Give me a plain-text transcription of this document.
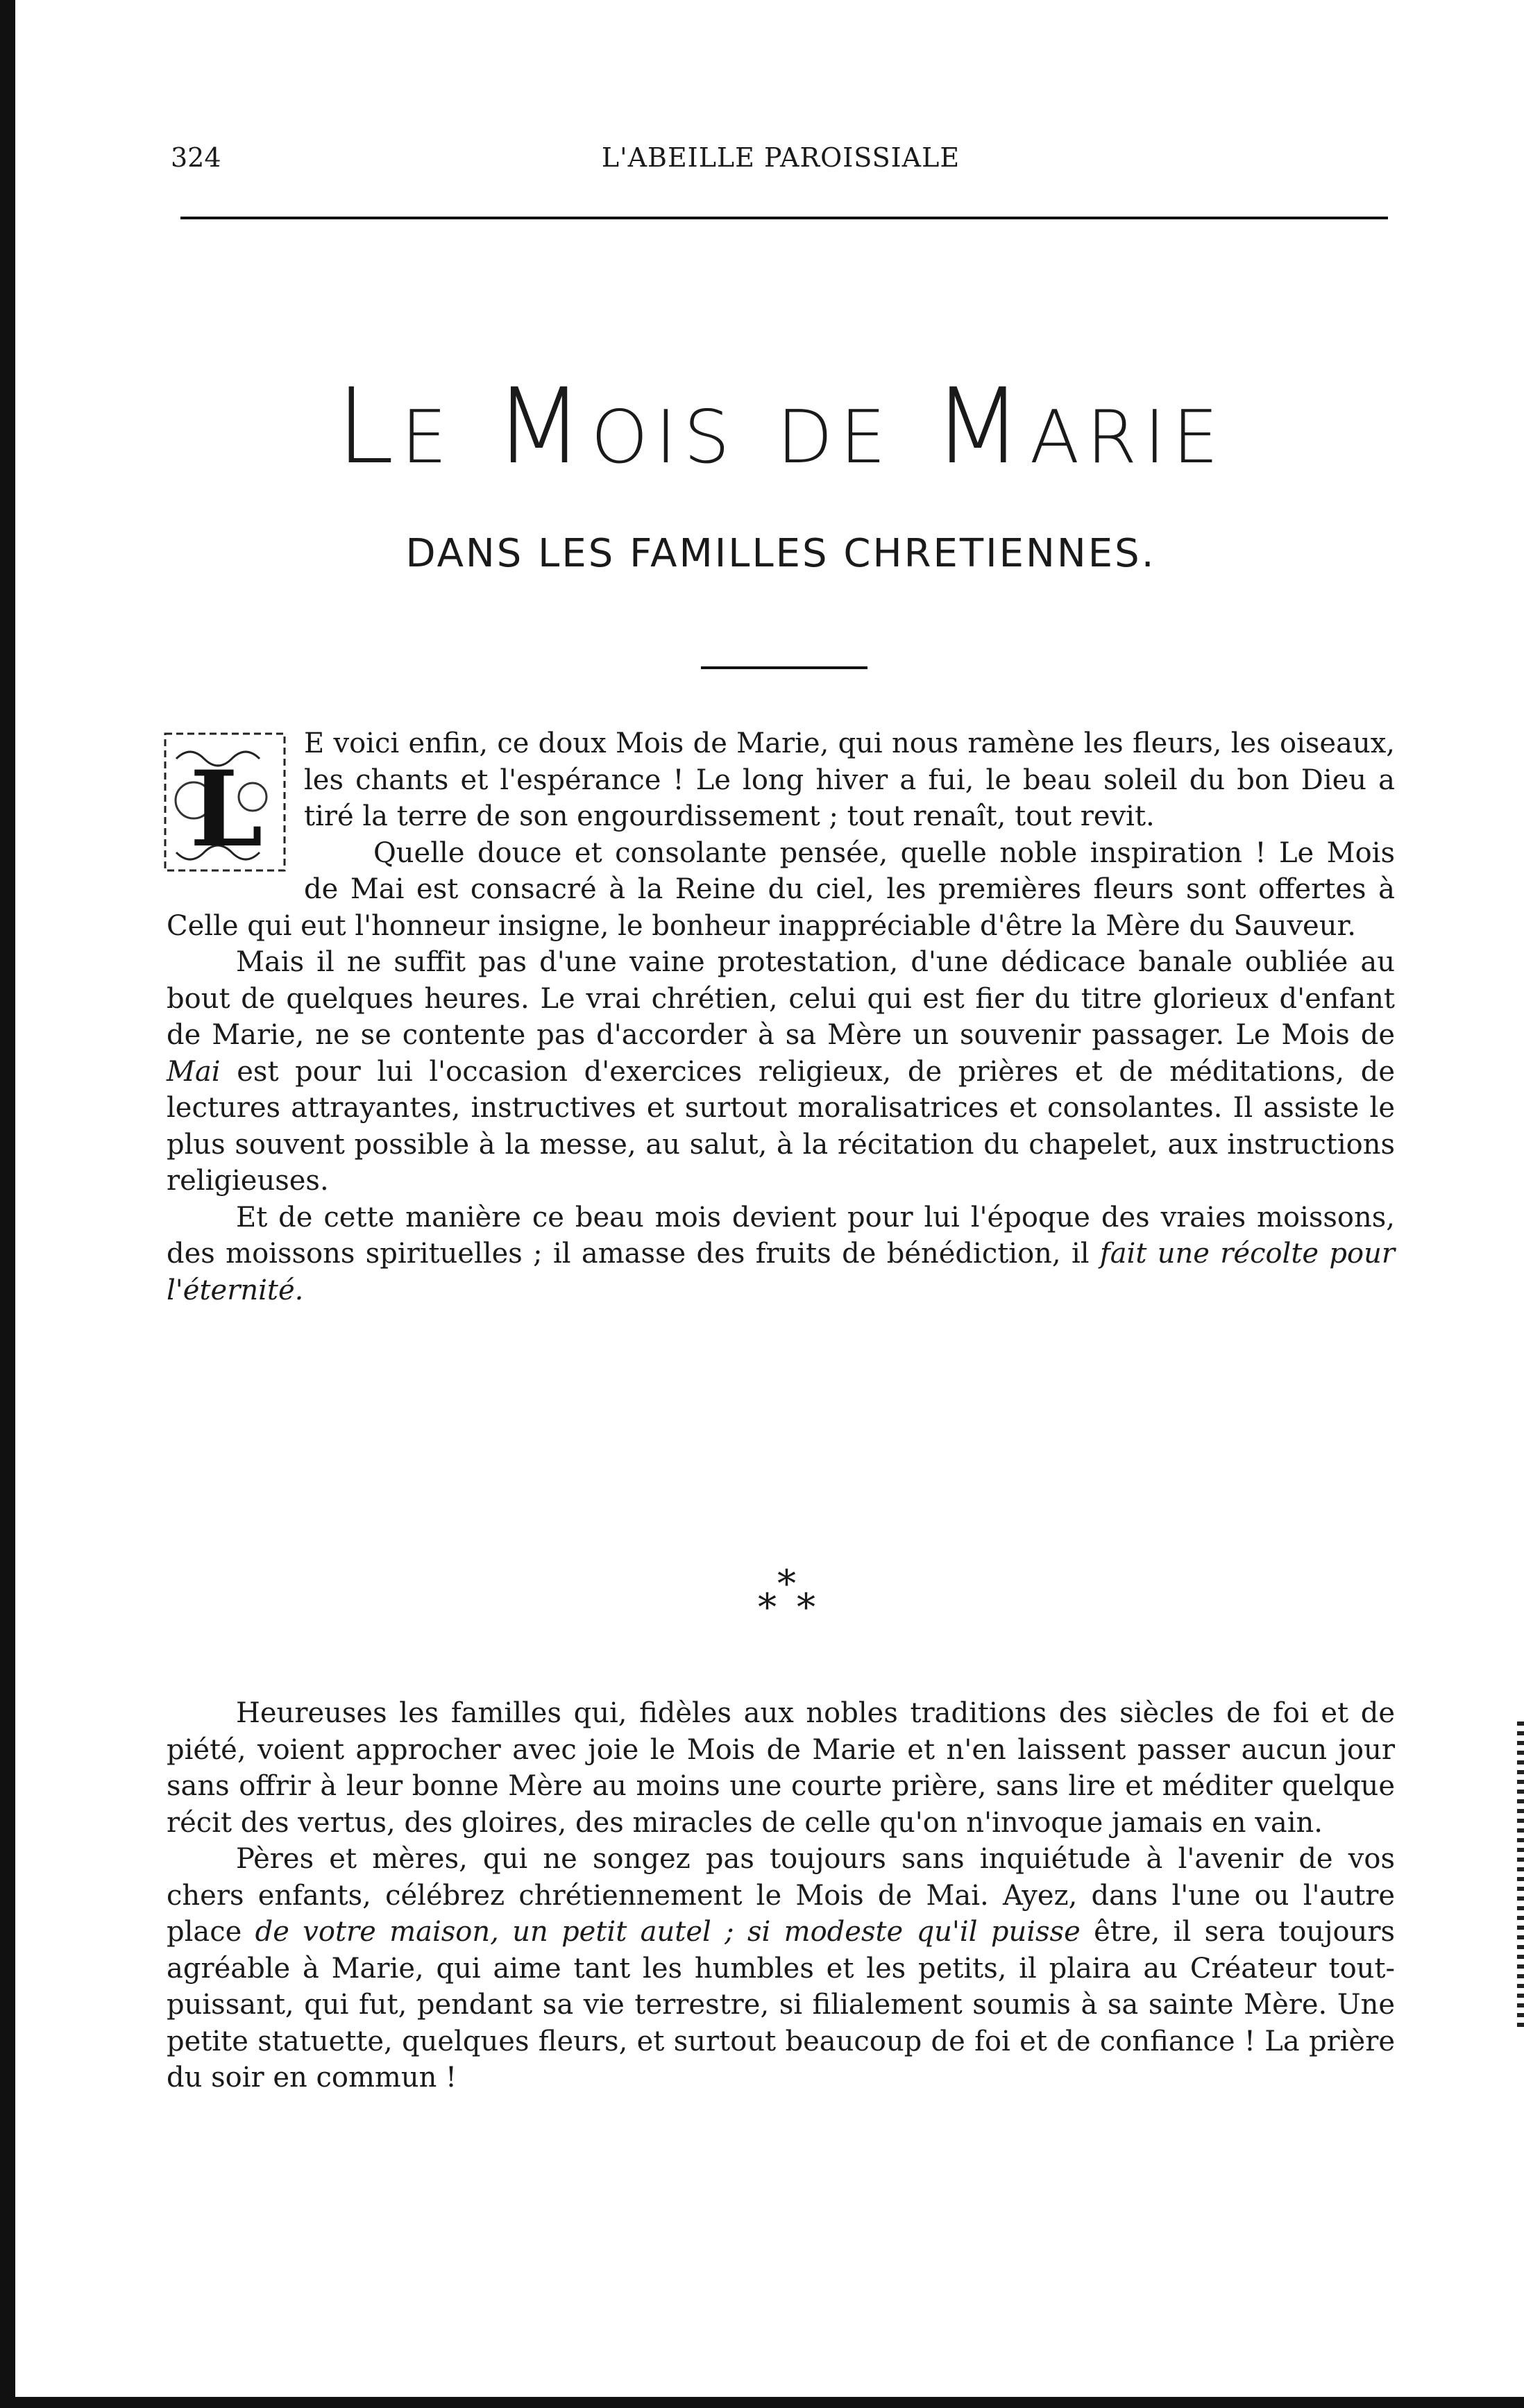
324	L'ABEILLE PAROISSIALE
Le Mois de Marie
DANS LES FAMILLES CHRETIENNES.

L
E voici enfin, ce doux Mois de Marie, qui nous ramène les fleurs, les oiseaux, les chants et l'espérance ! Le long hiver a fui, le beau soleil du bon Dieu a tiré la terre de son engourdissement ; tout renaît, tout revit.

Quelle douce et consolante pensée, quelle noble inspiration ! Le Mois de Mai est consacré à la Reine du ciel, les premières fleurs sont offertes à Celle qui eut l'honneur insigne, le bonheur inappréciable d'être la Mère du Sauveur.

Mais il ne suffit pas d'une vaine protestation, d'une dédicace banale oubliée au bout de quelques heures. Le vrai chrétien, celui qui est fier du titre glorieux d'enfant de Marie, ne se contente pas d'accorder à sa Mère un souvenir passager. Le Mois de Mai est pour lui l'occasion d'exercices religieux, de prières et de méditations, de lectures attrayantes, instructives et surtout moralisatrices et consolantes. Il assiste le plus souvent possible à la messe, au salut, à la récitation du chapelet, aux instructions religieuses.

Et de cette manière ce beau mois devient pour lui l'époque des vraies moissons, des moissons spirituelles ; il amasse des fruits de bénédiction, il fait une récolte pour l'éternité.

*
* *

Heureuses les familles qui, fidèles aux nobles traditions des siècles de foi et de piété, voient approcher avec joie le Mois de Marie et n'en laissent passer aucun jour sans offrir à leur bonne Mère au moins une courte prière, sans lire et méditer quelque récit des vertus, des gloires, des miracles de celle qu'on n'invoque jamais en vain.

Pères et mères, qui ne songez pas toujours sans inquiétude à l'avenir de vos chers enfants, célébrez chrétiennement le Mois de Mai. Ayez, dans l'une ou l'autre place de votre maison, un petit autel ; si modeste qu'il puisse être, il sera toujours agréable à Marie, qui aime tant les humbles et les petits, il plaira au Créateur tout-puissant, qui fut, pendant sa vie terrestre, si filialement soumis à sa sainte Mère. Une petite statuette, quelques fleurs, et surtout beaucoup de foi et de confiance ! La prière du soir en commun !
